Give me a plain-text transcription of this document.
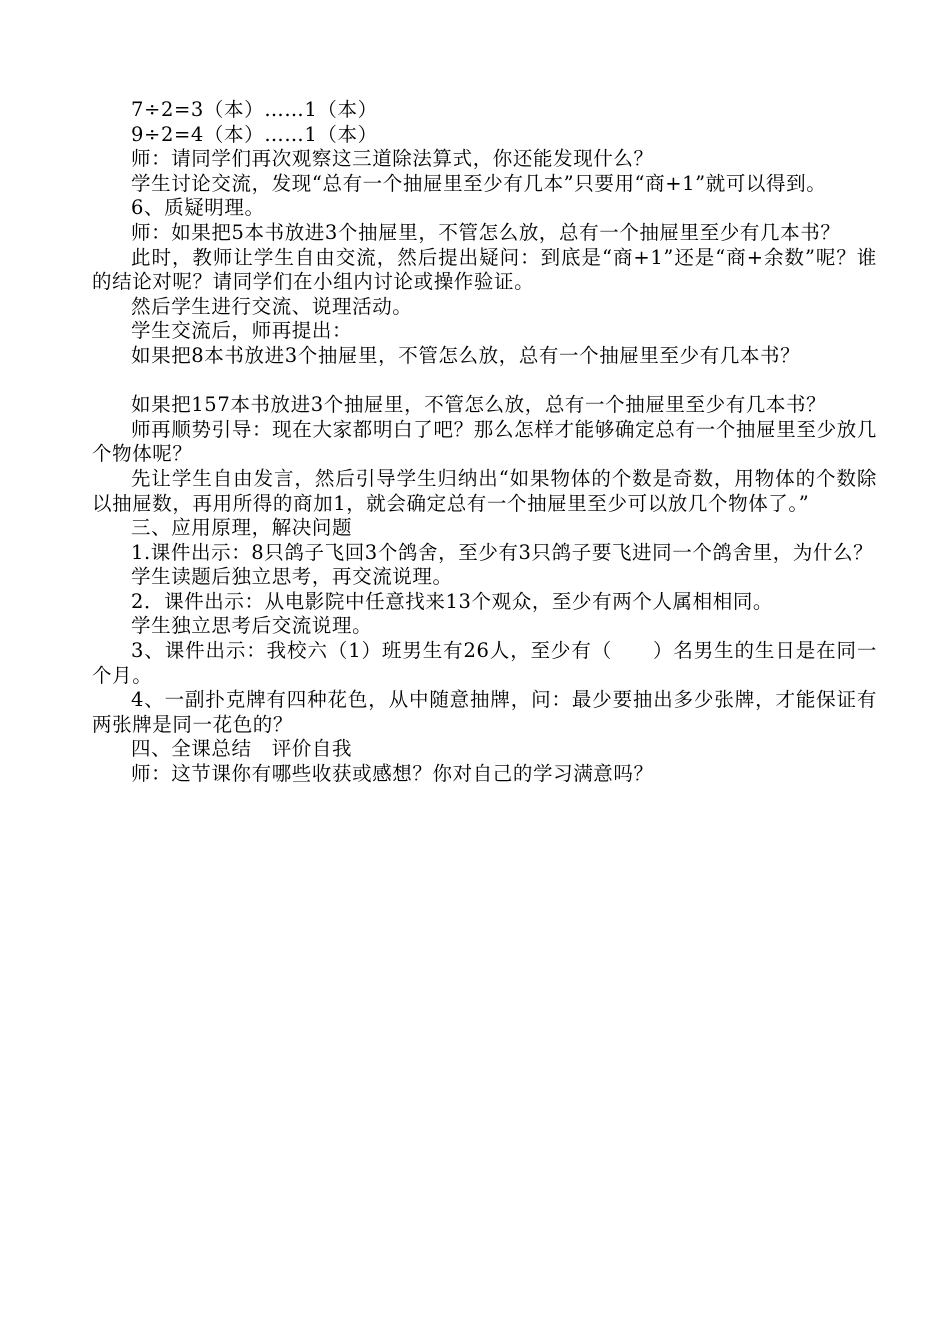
7÷2=3（本）……1（本）

9÷2=4（本）……1（本）

师：请同学们再次观察这三道除法算式，你还能发现什么？

学生讨论交流，发现“总有一个抽屉里至少有几本”只要用“商+1”就可以得到。

6、质疑明理。

师：如果把5本书放进3个抽屉里，不管怎么放，总有一个抽屉里至少有几本书？

此时，教师让学生自由交流，然后提出疑问：到底是“商+1”还是“商+余数”呢？谁的结论对呢？请同学们在小组内讨论或操作验证。

然后学生进行交流、说理活动。

学生交流后，师再提出：

如果把8本书放进3个抽屉里，不管怎么放，总有一个抽屉里至少有几本书？

如果把157本书放进3个抽屉里，不管怎么放，总有一个抽屉里至少有几本书？

师再顺势引导：现在大家都明白了吧？那么怎样才能够确定总有一个抽屉里至少放几个物体呢？

先让学生自由发言，然后引导学生归纳出“如果物体的个数是奇数，用物体的个数除以抽屉数，再用所得的商加1，就会确定总有一个抽屉里至少可以放几个物体了。”

三、应用原理，解决问题

1.课件出示：8只鸽子飞回3个鸽舍，至少有3只鸽子要飞进同一个鸽舍里，为什么？

学生读题后独立思考，再交流说理。

2．课件出示：从电影院中任意找来13个观众，至少有两个人属相相同。

学生独立思考后交流说理。

3、课件出示：我校六（1）班男生有26人，至少有（　　）名男生的生日是在同一个月。

4、一副扑克牌有四种花色，从中随意抽牌，问：最少要抽出多少张牌，才能保证有两张牌是同一花色的？

四、全课总结　评价自我

师：这节课你有哪些收获或感想？你对自己的学习满意吗？
